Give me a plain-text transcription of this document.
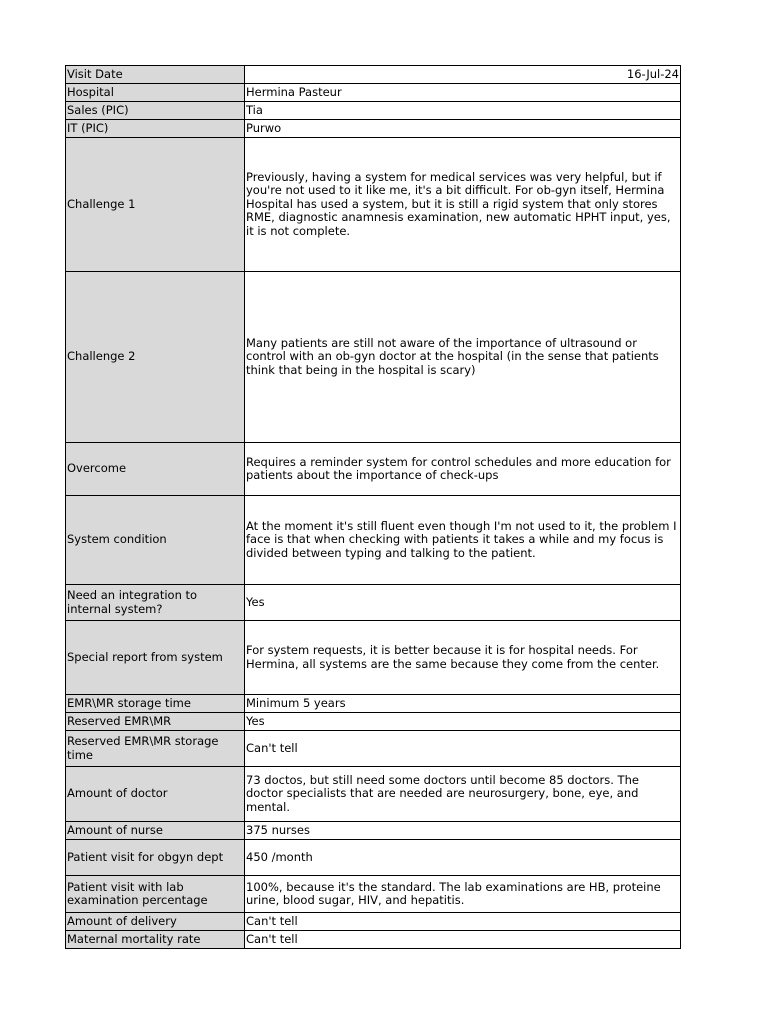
Visit Date	16-Jul-24
Hospital	Hermina Pasteur
Sales (PIC)	Tia
IT (PIC)	Purwo
Challenge 1	Previously, having a system for medical services was very helpful, but if you're not used to it like me, it's a bit difficult. For ob-gyn itself, Hermina Hospital has used a system, but it is still a rigid system that only stores RME, diagnostic anamnesis examination, new automatic HPHT input, yes, it is not complete.
Challenge 2	Many patients are still not aware of the importance of ultrasound or control with an ob-gyn doctor at the hospital (in the sense that patients think that being in the hospital is scary)
Overcome	Requires a reminder system for control schedules and more education for patients about the importance of check-ups
System condition	At the moment it's still fluent even though I'm not used to it, the problem I face is that when checking with patients it takes a while and my focus is divided between typing and talking to the patient.
Need an integration to internal system?	Yes
Special report from system	For system requests, it is better because it is for hospital needs. For Hermina, all systems are the same because they come from the center.
EMR\MR storage time	Minimum 5 years
Reserved EMR\MR	Yes
Reserved EMR\MR storage time	Can't tell
Amount of doctor	73 doctos, but still need some doctors until become 85 doctors. The doctor specialists that are needed are neurosurgery, bone, eye, and mental.
Amount of nurse	375 nurses
Patient visit for obgyn dept	450 /month
Patient visit with lab examination percentage	100%, because it's the standard. The lab examinations are HB, proteine urine, blood sugar, HIV, and hepatitis.
Amount of delivery	Can't tell
Maternal mortality rate	Can't tell
